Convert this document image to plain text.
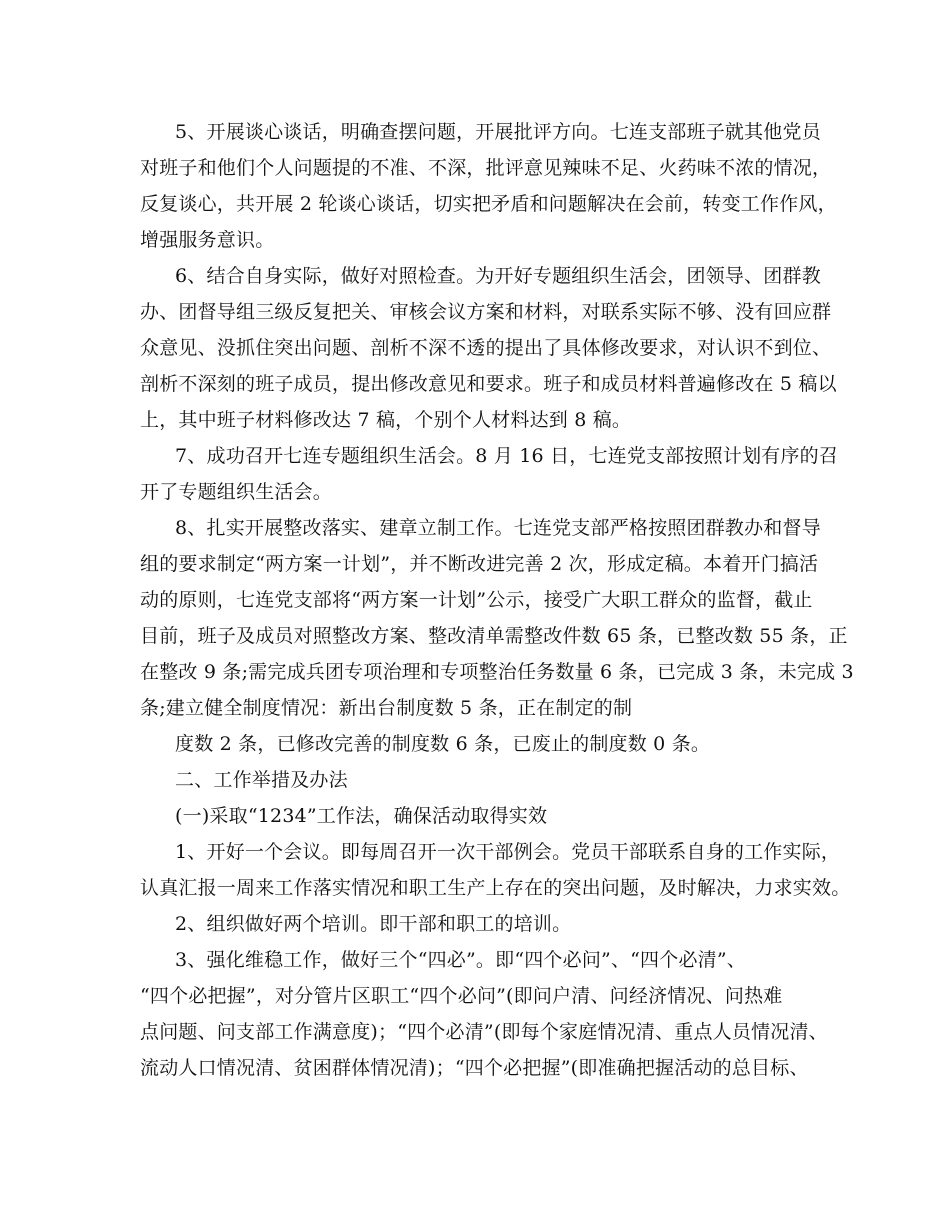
5、开展谈心谈话，明确查摆问题，开展批评方向。七连支部班子就其他党员
对班子和他们个人问题提的不准、不深，批评意见辣味不足、火药味不浓的情况，
反复谈心，共开展 2 轮谈心谈话，切实把矛盾和问题解决在会前，转变工作作风，
增强服务意识。
6、结合自身实际，做好对照检查。为开好专题组织生活会，团领导、团群教
办、团督导组三级反复把关、审核会议方案和材料，对联系实际不够、没有回应群
众意见、没抓住突出问题、剖析不深不透的提出了具体修改要求，对认识不到位、
剖析不深刻的班子成员，提出修改意见和要求。班子和成员材料普遍修改在 5 稿以
上，其中班子材料修改达 7 稿，个别个人材料达到 8 稿。
7、成功召开七连专题组织生活会。8 月 16 日，七连党支部按照计划有序的召
开了专题组织生活会。
8、扎实开展整改落实、建章立制工作。七连党支部严格按照团群教办和督导
组的要求制定“两方案一计划”，并不断改进完善 2 次，形成定稿。本着开门搞活
动的原则，七连党支部将“两方案一计划”公示，接受广大职工群众的监督，截止
目前，班子及成员对照整改方案、整改清单需整改件数 65 条，已整改数 55 条，正
在整改 9 条;需完成兵团专项治理和专项整治任务数量 6 条，已完成 3 条，未完成 3
条;建立健全制度情况：新出台制度数 5 条，正在制定的制
度数 2 条，已修改完善的制度数 6 条，已废止的制度数 0 条。
二、工作举措及办法
(一)采取“1234”工作法，确保活动取得实效
1、开好一个会议。即每周召开一次干部例会。党员干部联系自身的工作实际，
认真汇报一周来工作落实情况和职工生产上存在的突出问题，及时解决，力求实效。
2、组织做好两个培训。即干部和职工的培训。
3、强化维稳工作，做好三个“四必”。即“四个必问”、“四个必清”、
“四个必把握”，对分管片区职工“四个必问”(即问户清、问经济情况、问热难
点问题、问支部工作满意度)；“四个必清”(即每个家庭情况清、重点人员情况清、
流动人口情况清、贫困群体情况清)；“四个必把握”(即准确把握活动的总目标、
